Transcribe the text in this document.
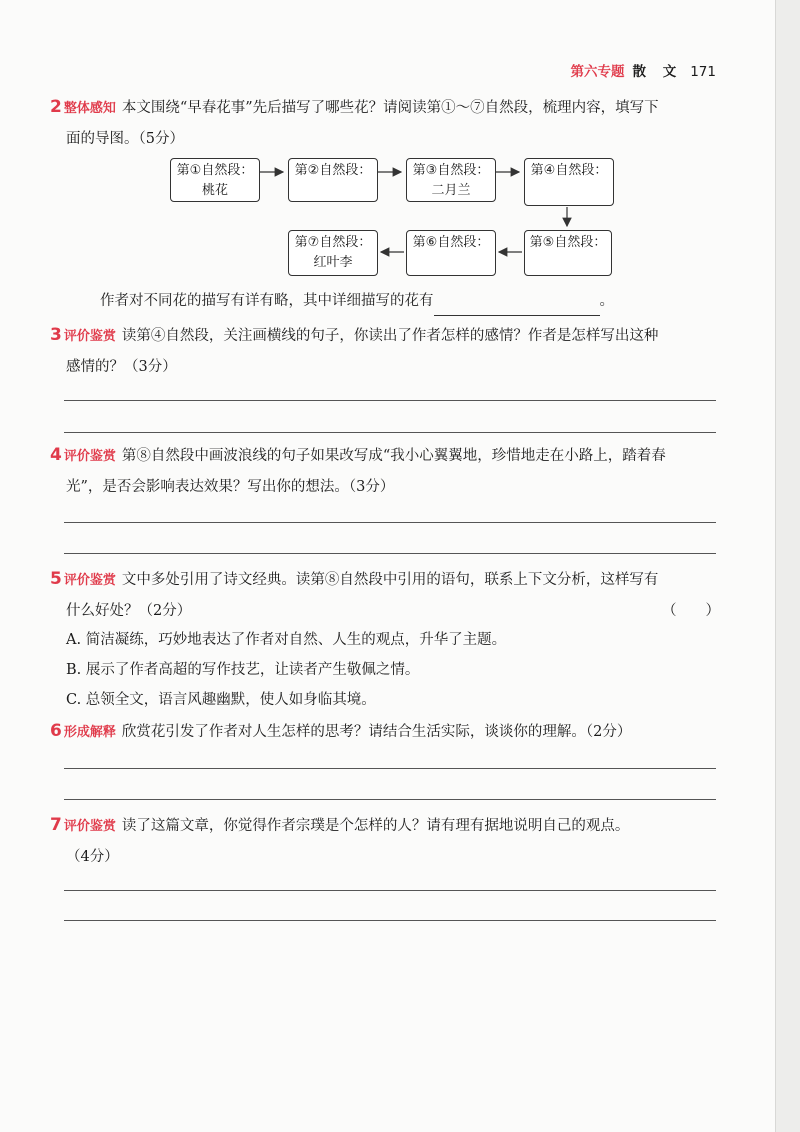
第六专题 散 文 171
2 整体感知 本文围绕“早春花事”先后描写了哪些花？请阅读第①～⑦自然段，梳理内容，填写下
面的导图。（5分）
第①自然段：
桃花
第②自然段：	第③自然段：
二月兰
第④自然段：
第⑤自然段：
第⑥自然段：
第⑦自然段：
红叶李
作者对不同花的描写有详有略，其中详细描写的花有	。
3 评价鉴赏 读第④自然段，关注画横线的句子，你读出了作者怎样的感情？作者是怎样写出这种
感情的？（3分）
4 评价鉴赏 第⑧自然段中画波浪线的句子如果改写成“我小心翼翼地，珍惜地走在小路上，踏着春
光”，是否会影响表达效果？写出你的想法。（3分）
5 评价鉴赏 文中多处引用了诗文经典。读第⑧自然段中引用的语句，联系上下文分析，这样写有
什么好处？（2分）	（　　）
A. 简洁凝练，巧妙地表达了作者对自然、人生的观点，升华了主题。
B. 展示了作者高超的写作技艺，让读者产生敬佩之情。
C. 总领全文，语言风趣幽默，使人如身临其境。
6 形成解释 欣赏花引发了作者对人生怎样的思考？请结合生活实际，谈谈你的理解。（2分）
7 评价鉴赏 读了这篇文章，你觉得作者宗璞是个怎样的人？请有理有据地说明自己的观点。
（4分）
